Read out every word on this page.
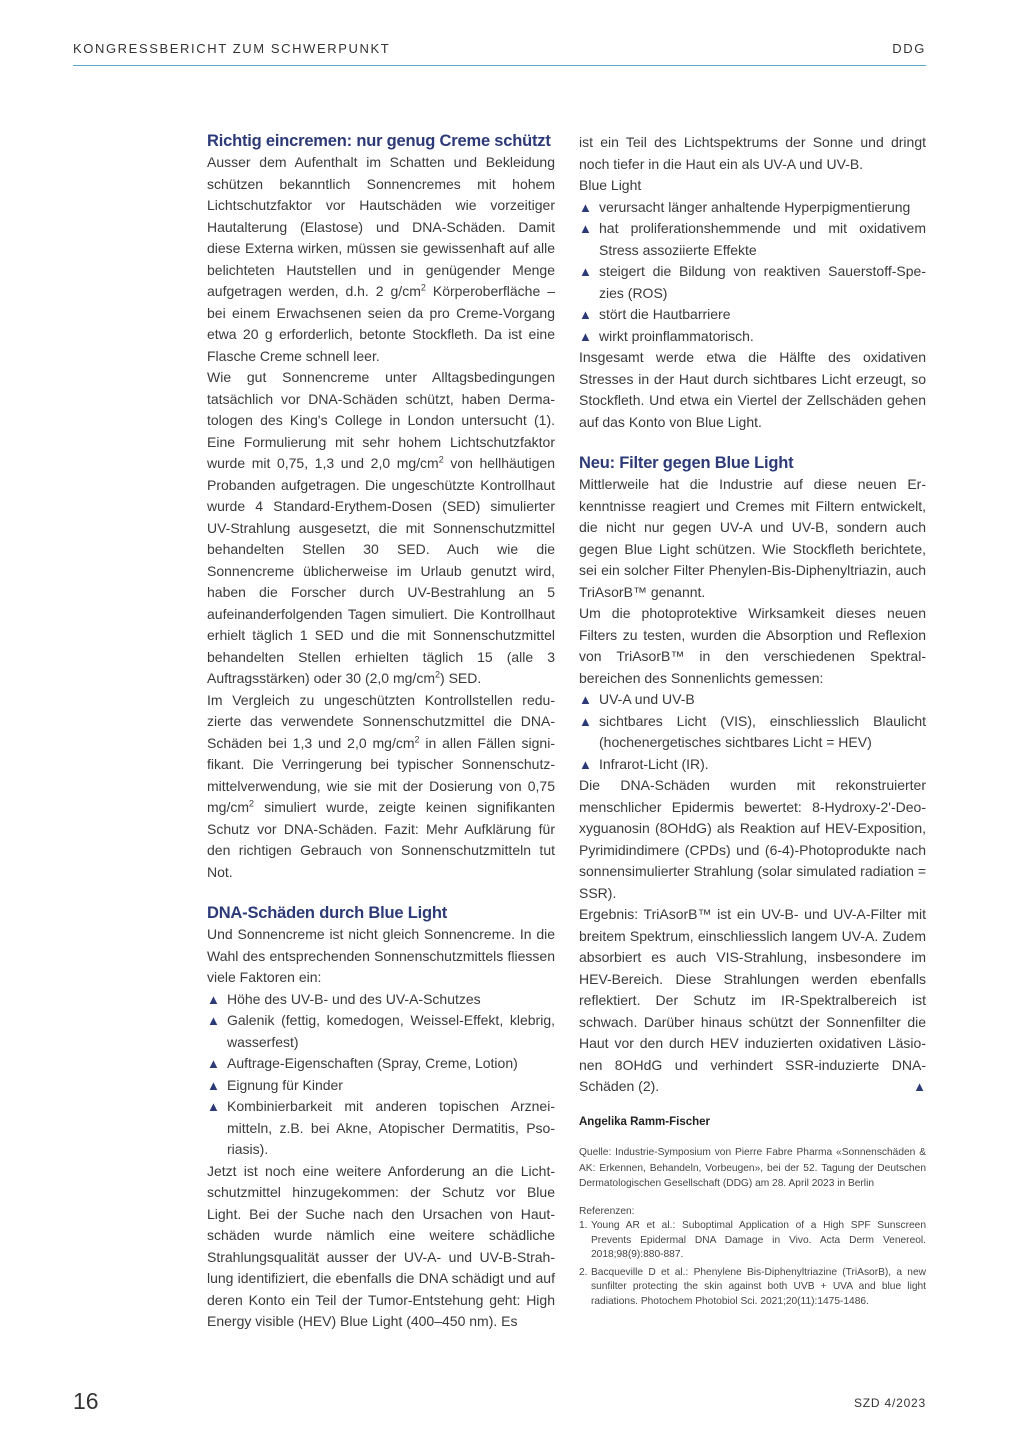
KONGRESSBERICHT ZUM SCHWERPUNKT	DDG
Richtig eincremen: nur genug Creme schützt

Ausser dem Aufenthalt im Schatten und Bekleidung schützen bekanntlich Sonnencremes mit hohem Lichtschutzfaktor vor Hautschäden wie vorzeitiger Hautalterung (Elastose) und DNA-Schäden. Damit diese Externa wirken, müssen sie gewissenhaft auf alle belichteten Hautstellen und in genügender Menge aufgetragen werden, d.h. 2 $g/cm^2$ Körperoberfläche – bei einem Erwachsenen seien da pro Creme-Vorgang etwa 20 g erforderlich, betonte Stockfleth. Da ist eine Flasche Creme schnell leer.

Wie gut Sonnencreme unter Alltagsbedingungen tatsächlich vor DNA-Schäden schützt, haben Dermatologen des King's College in London untersucht (1). Eine Formulierung mit sehr hohem Lichtschutzfaktor wurde mit 0,75, 1,3 und 2,0 $mg/cm^2$ von hellhäutigen Probanden aufgetragen. Die ungeschützte Kontrollhaut wurde 4 Standard-Erythem-Dosen (SED) simulierter UV-Strahlung ausgesetzt, die mit Sonnenschutzmittel behandelten Stellen 30 SED. Auch wie die Sonnencreme üblicherweise im Urlaub genutzt wird, haben die Forscher durch UV-Bestrahlung an 5 aufeinanderfolgenden Tagen simuliert. Die Kontrollhaut erhielt täglich 1 SED und die mit Sonnenschutzmittel behandelten Stellen erhielten täglich 15 (alle 3 Auftragsstärken) oder 30 (2,0 $mg/cm^2$) SED.

Im Vergleich zu ungeschützten Kontrollstellen reduzierte das verwendete Sonnenschutzmittel die DNA-Schäden bei 1,3 und 2,0 $mg/cm^2$ in allen Fällen signifikant. Die Verringerung bei typischer Sonnenschutzmittelverwendung, wie sie mit der Dosierung von 0,75 $mg/cm^2$ simuliert wurde, zeigte keinen signifikanten Schutz vor DNA-Schäden. Fazit: Mehr Aufklärung für den richtigen Gebrauch von Sonnenschutzmitteln tut Not.

DNA-Schäden durch Blue Light

Und Sonnencreme ist nicht gleich Sonnencreme. In die Wahl des entsprechenden Sonnenschutzmittels fliessen viele Faktoren ein:

▲ Höhe des UV-B- und des UV-A-Schutzes
▲ Galenik (fettig, komedogen, Weissel-Effekt, klebrig, wasserfest)
▲ Auftrage-Eigenschaften (Spray, Creme, Lotion)
▲ Eignung für Kinder
▲ Kombinierbarkeit mit anderen topischen Arzneimitteln, z.B. bei Akne, Atopischer Dermatitis, Psoriasis).

Jetzt ist noch eine weitere Anforderung an die Lichtschutzmittel hinzugekommen: der Schutz vor Blue Light. Bei der Suche nach den Ursachen von Hautschäden wurde nämlich eine weitere schädliche Strahlungsqualität ausser der UV-A- und UV-B-Strahlung identifiziert, die ebenfalls die DNA schädigt und auf deren Konto ein Teil der Tumor-Entstehung geht: High Energy visible (HEV) Blue Light (400–450 nm). Es

ist ein Teil des Lichtspektrums der Sonne und dringt noch tiefer in die Haut ein als UV-A und UV-B.

Blue Light

▲ verursacht länger anhaltende Hyperpigmentierung
▲ hat proliferationshemmende und mit oxidativem Stress assoziierte Effekte
▲ steigert die Bildung von reaktiven Sauerstoff-Spezies (ROS)
▲ stört die Hautbarriere
▲ wirkt proinflammatorisch.

Insgesamt werde etwa die Hälfte des oxidativen Stresses in der Haut durch sichtbares Licht erzeugt, so Stockfleth. Und etwa ein Viertel der Zellschäden gehen auf das Konto von Blue Light.

Neu: Filter gegen Blue Light

Mittlerweile hat die Industrie auf diese neuen Erkenntnisse reagiert und Cremes mit Filtern entwickelt, die nicht nur gegen UV-A und UV-B, sondern auch gegen Blue Light schützen. Wie Stockfleth berichtete, sei ein solcher Filter Phenylen-Bis-Diphenyltriazin, auch TriAsorB™ genannt.

Um die photoprotektive Wirksamkeit dieses neuen Filters zu testen, wurden die Absorption und Reflexion von TriAsorB™ in den verschiedenen Spektralbereichen des Sonnenlichts gemessen:

▲ UV-A und UV-B
▲ sichtbares Licht (VIS), einschliesslich Blaulicht (hochenergetisches sichtbares Licht = HEV)
▲ Infrarot-Licht (IR).

Die DNA-Schäden wurden mit rekonstruierter menschlicher Epidermis bewertet: 8-Hydroxy-2'-Deoxyguanosin (8OHdG) als Reaktion auf HEV-Exposition, Pyrimidindimere (CPDs) und (6-4)-Photoprodukte nach sonnensimulierter Strahlung (solar simulated radiation = SSR).

Ergebnis: TriAsorB™ ist ein UV-B- und UV-A-Filter mit breitem Spektrum, einschliesslich langem UV-A. Zudem absorbiert es auch VIS-Strahlung, insbesondere im HEV-Bereich. Diese Strahlungen werden ebenfalls reflektiert. Der Schutz im IR-Spektralbereich ist schwach. Darüber hinaus schützt der Sonnenfilter die Haut vor den durch HEV induzierten oxidativen Läsionen 8OHdG und verhindert SSR-induzierte DNA-Schäden (2).	▲

Angelika Ramm-Fischer

Quelle: Industrie-Symposium von Pierre Fabre Pharma «Sonnenschäden & AK: Erkennen, Behandeln, Vorbeugen», bei der 52. Tagung der Deutschen Dermatologischen Gesellschaft (DDG) am 28. April 2023 in Berlin

Referenzen:
1. Young AR et al.: Suboptimal Application of a High SPF Sunscreen Prevents Epidermal DNA Damage in Vivo. Acta Derm Venereol. 2018;98(9):880-887.
2. Bacqueville D et al.: Phenylene Bis-Diphenyltriazine (TriAsorB), a new sunfilter protecting the skin against both UVB + UVA and blue light radiations. Photochem Photobiol Sci. 2021;20(11):1475-1486.
16	SZD 4/2023
